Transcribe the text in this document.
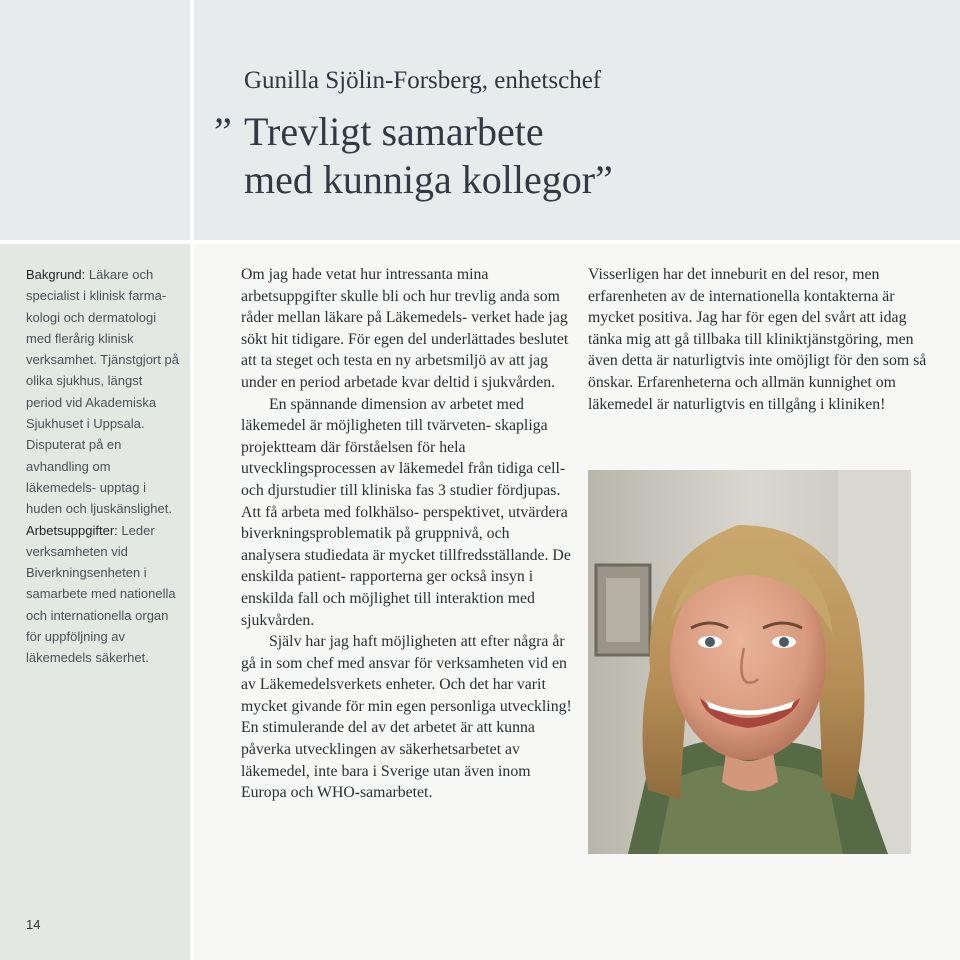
Gunilla Sjölin-Forsberg, enhetschef
” Trevligt samarbete
med kunniga kollegor”
Bakgrund: Läkare och specialist i klinisk farma- kologi och dermatologi med flerårig klinisk verksamhet. Tjänstgjort på olika sjukhus, längst period vid Akademiska Sjukhuset i Uppsala. Disputerat på en avhandling om läkemedels- upptag i huden och ljuskänslighet.
Arbetsuppgifter: Leder verksamheten vid Biverkningsenheten i samarbete med nationella och internationella organ för uppföljning av läkemedels säkerhet.

Om jag hade vetat hur intressanta mina arbetsuppgifter skulle bli och hur trevlig anda som råder mellan läkare på Läkemedels- verket hade jag sökt hit tidigare. För egen del underlättades beslutet att ta steget och testa en ny arbetsmiljö av att jag under en period arbetade kvar deltid i sjukvården.

En spännande dimension av arbetet med läkemedel är möjligheten till tvärveten- skapliga projektteam där förståelsen för hela utvecklingsprocessen av läkemedel från tidiga cell- och djurstudier till kliniska fas 3 studier fördjupas. Att få arbeta med folkhälso- perspektivet, utvärdera biverkningsproblematik på gruppnivå, och analysera studiedata är mycket tillfredsställande. De enskilda patient- rapporterna ger också insyn i enskilda fall och möjlighet till interaktion med sjukvården.

Själv har jag haft möjligheten att efter några år gå in som chef med ansvar för verksamheten vid en av Läkemedelsverkets enheter. Och det har varit mycket givande för min egen personliga utveckling! En stimulerande del av det arbetet är att kunna påverka utvecklingen av säkerhetsarbetet av läkemedel, inte bara i Sverige utan även inom Europa och WHO-samarbetet.

Visserligen har det inneburit en del resor, men erfarenheten av de internationella kontakterna är mycket positiva. Jag har för egen del svårt att idag tänka mig att gå tillbaka till kliniktjänstgöring, men även detta är naturligtvis inte omöjligt för den som så önskar. Erfarenheterna och allmän kunnighet om läkemedel är naturligtvis en tillgång i kliniken!

14
